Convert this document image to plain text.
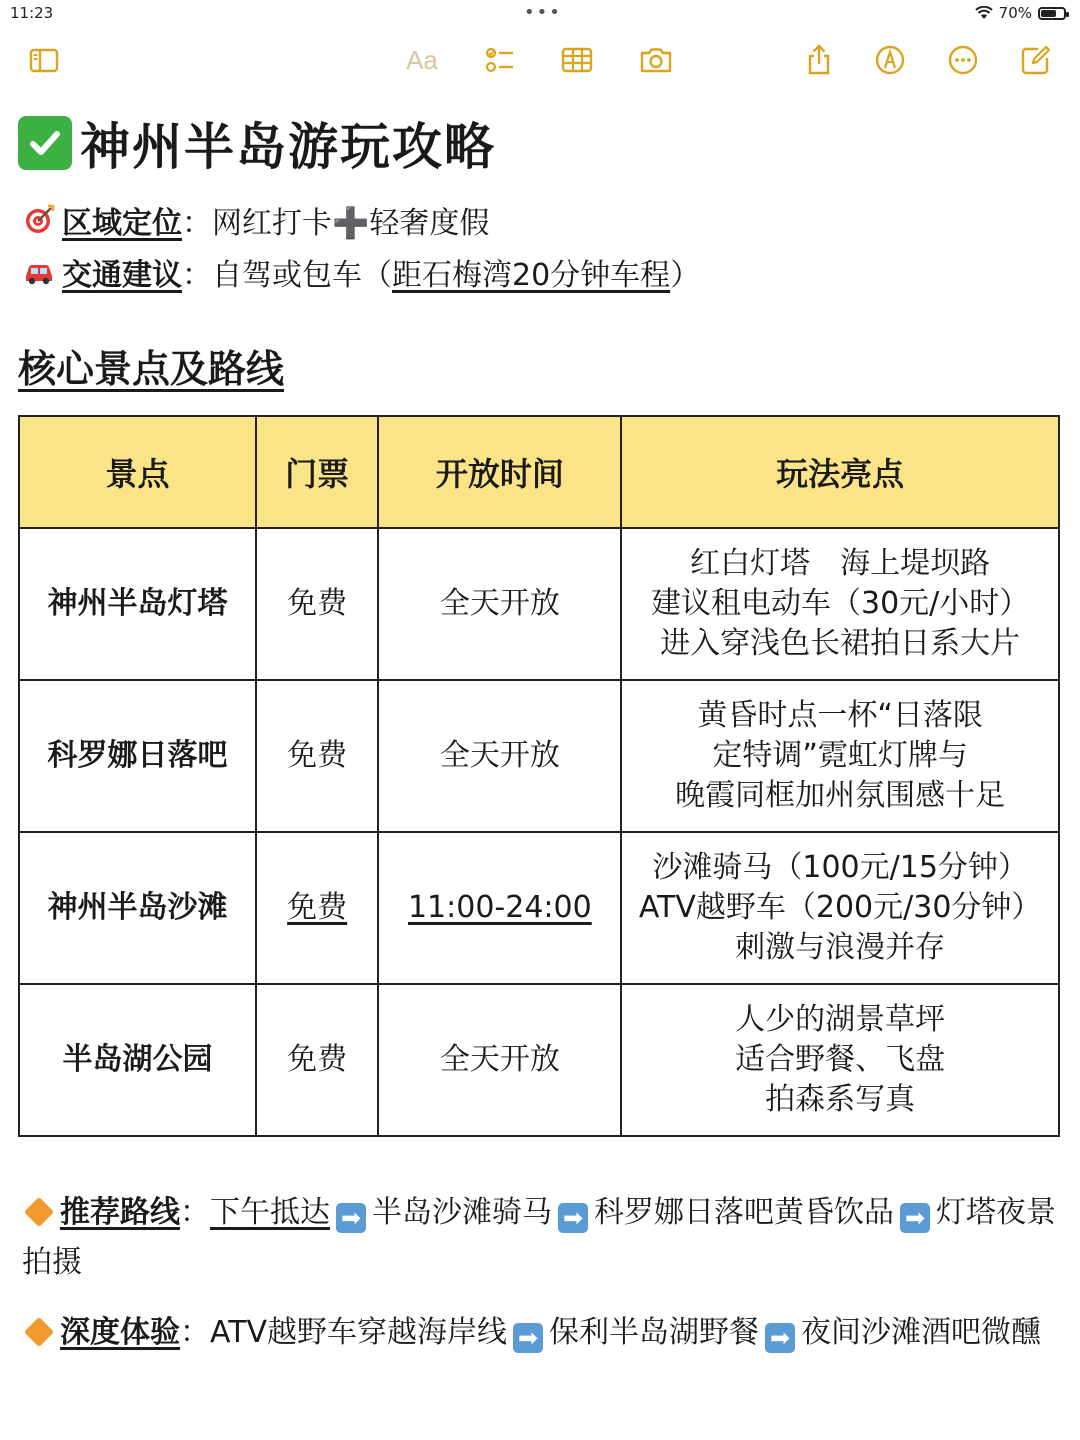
11:23	•••	70%
Aa
神州半岛游玩攻略
区域定位 ： 网红打卡➕轻奢度假
交通建议 ： 自驾或包车（ 距石梅湾20分钟车程 ）
核心景点及路线
景点	门票	开放时间	玩法亮点
神州半岛灯塔	免费	全天开放	红白灯塔　海上堤坝路
建议租电动车（30元/小时）
进入穿浅色长裙拍日系大片

科罗娜日落吧	免费	全天开放	黄昏时点一杯“日落限
定特调”霓虹灯牌与
晚霞同框加州氛围感十足

神州半岛沙滩	免费	11:00-24:00	沙滩骑马（100元/15分钟）
ATV越野车（200元/30分钟）
刺激与浪漫并存

半岛湖公园	免费	全天开放	人少的湖景草坪
适合野餐、飞盘
拍森系写真
推荐路线：下午抵达 ➡ 半岛沙滩骑马 ➡ 科罗娜日落吧黄昏饮品 ➡ 灯塔夜景拍摄
深度体验：ATV越野车穿越海岸线 ➡ 保利半岛湖野餐 ➡ 夜间沙滩酒吧微醺
